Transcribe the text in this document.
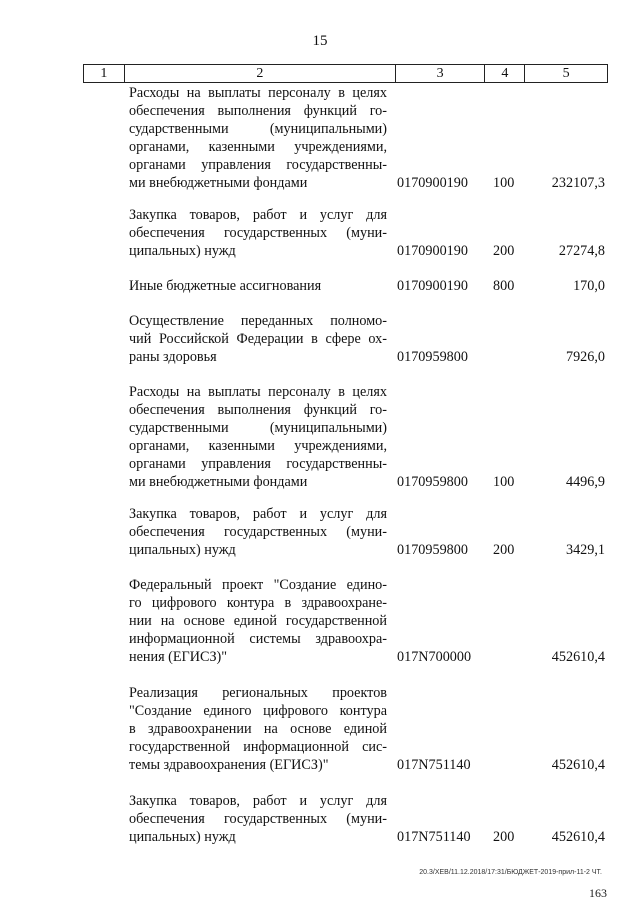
15
1	2	3	4	5
Расходы на выплаты персоналу в целях
обеспечения выполнения функций го-
сударственными (муниципальными)
органами, казенными учреждениями,
органами управления государственны-
ми внебюджетными фондами	0170900190 100	232107,3
Закупка товаров, работ и услуг для
обеспечения государственных (муни-
ципальных) нужд	0170900190 200	27274,8
Иные бюджетные ассигнования	0170900190 800	170,0
Осуществление переданных полномо-
чий Российской Федерации в сфере ох-
раны здоровья	0170959800	7926,0
Расходы на выплаты персоналу в целях
обеспечения выполнения функций го-
сударственными (муниципальными)
органами, казенными учреждениями,
органами управления государственны-
ми внебюджетными фондами	0170959800 100	4496,9
Закупка товаров, работ и услуг для
обеспечения государственных (муни-
ципальных) нужд	0170959800 200	3429,1
Федеральный проект "Создание едино-
го цифрового контура в здравоохране-
нии на основе единой государственной
информационной системы здравоохра-
нения (ЕГИСЗ)"	017N700000	452610,4
Реализация региональных проектов
"Создание единого цифрового контура
в здравоохранении на основе единой
государственной информационной сис-
темы здравоохранения (ЕГИСЗ)"	017N751140	452610,4
Закупка товаров, работ и услуг для
обеспечения государственных (муни-
ципальных) нужд	017N751140 200	452610,4
20.3/ХЕВ/11.12.2018/17:31/БЮДЖЕТ-2019-прил-11-2 ЧТ.
163
